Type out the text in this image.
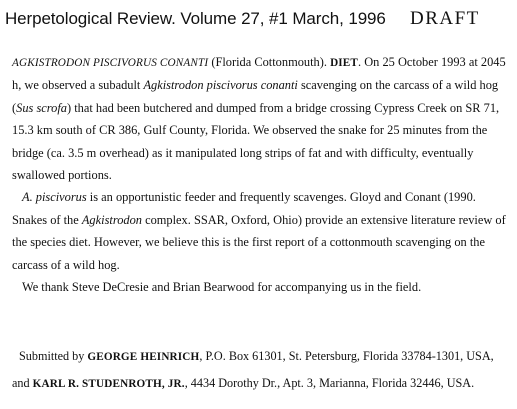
Herpetological Review. Volume 27, #1 March, 1996 DRAFT

AGKISTRODON PISCIVORUS CONANTI (Florida Cottonmouth). DIET. On 25 October 1993 at 2045 h, we observed a subadult Agkistrodon piscivorus conanti scavenging on the carcass of a wild hog (Sus scrofa) that had been butchered and dumped from a bridge crossing Cypress Creek on SR 71, 15.3 km south of CR 386, Gulf County, Florida. We observed the snake for 25 minutes from the bridge (ca. 3.5 m overhead) as it manipulated long strips of fat and with difficulty, eventually swallowed portions.

A. piscivorus is an opportunistic feeder and frequently scavenges. Gloyd and Conant (1990. Snakes of the Agkistrodon complex. SSAR, Oxford, Ohio) provide an extensive literature review of the species diet. However, we believe this is the first report of a cottonmouth scavenging on the carcass of a wild hog.

We thank Steve DeCresie and Brian Bearwood for accompanying us in the field.

Submitted by GEORGE HEINRICH, P.O. Box 61301, St. Petersburg, Florida 33784-1301, USA,
and KARL R. STUDENROTH, JR., 4434 Dorothy Dr., Apt. 3, Marianna, Florida 32446, USA.
